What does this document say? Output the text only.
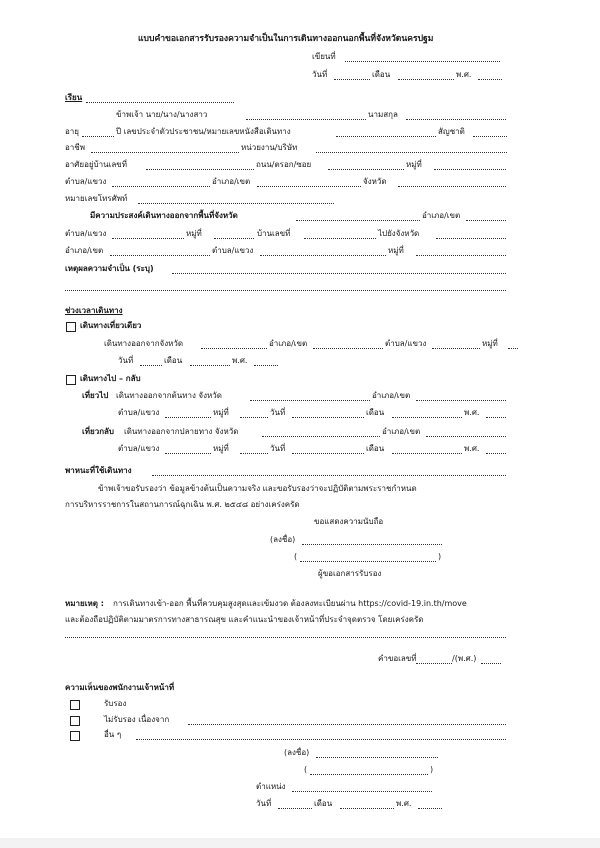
แบบคำขอเอกสารรับรองความจำเป็นในการเดินทางออกนอกพื้นที่จังหวัดนครปฐม
เขียนที่
วันที่	เดือน	พ.ศ.
เรียน
ข้าพเจ้า นาย/นาง/นางสาว	นามสกุล
อายุ	ปี เลขประจำตัวประชาชน/หมายเลขหนังสือเดินทาง	สัญชาติ
อาชีพ	หน่วยงาน/บริษัท
อาศัยอยู่บ้านเลขที่	ถนน/ตรอก/ซอย	หมู่ที่
ตำบล/แขวง	อำเภอ/เขต	จังหวัด
หมายเลขโทรศัพท์
มีความประสงค์เดินทางออกจากพื้นที่จังหวัด	อำเภอ/เขต
ตำบล/แขวง	หมู่ที่	บ้านเลขที่	ไปยังจังหวัด
อำเภอ/เขต	ตำบล/แขวง	หมู่ที่
เหตุผลความจำเป็น (ระบุ)
ช่วงเวลาเดินทาง
เดินทางเที่ยวเดียว
เดินทางออกจากจังหวัด	อำเภอ/เขต	ตำบล/แขวง	หมู่ที่
วันที่	เดือน	พ.ศ.
เดินทางไป – กลับ
เที่ยวไป เดินทางออกจากต้นทาง จังหวัด	อำเภอ/เขต
ตำบล/แขวง	หมู่ที่	วันที่	เดือน	พ.ศ.
เที่ยวกลับ เดินทางออกจากปลายทาง จังหวัด	อำเภอ/เขต
ตำบล/แขวง	หมู่ที่	วันที่	เดือน	พ.ศ.
พาหนะที่ใช้เดินทาง
ข้าพเจ้าขอรับรองว่า ข้อมูลข้างต้นเป็นความจริง และขอรับรองว่าจะปฏิบัติตามพระราชกำหนด
การบริหารราชการในสถานการณ์ฉุกเฉิน พ.ศ. ๒๕๔๘ อย่างเคร่งครัด
ขอแสดงความนับถือ
(ลงชื่อ)
(	)
ผู้ขอเอกสารรับรอง
หมายเหตุ : การเดินทางเข้า-ออก พื้นที่ควบคุมสูงสุดและเข้มงวด ต้องลงทะเบียนผ่าน https://covid-19.in.th/move
และต้องถือปฏิบัติตามมาตรการทางสาธารณสุข และคำแนะนำของเจ้าหน้าที่ประจำจุดตรวจ โดยเคร่งครัด
คำขอเลขที่	/(พ.ศ.)
ความเห็นของพนักงานเจ้าหน้าที่
รับรอง
ไม่รับรอง เนื่องจาก
อื่น ๆ
(ลงชื่อ)
(	)
ตำแหน่ง
วันที่	เดือน	พ.ศ.
